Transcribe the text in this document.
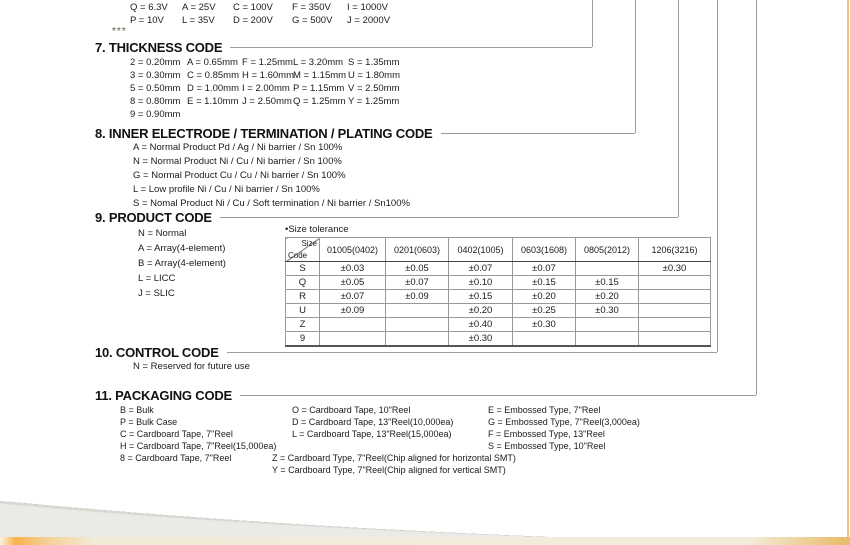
Q = 6.3V A = 25V C = 100V F = 350V I = 1000V
P = 10V L = 35V D = 200V G = 500V J = 2000V
***
7. THICKNESS CODE
2 = 0.20mm A = 0.65mm F = 1.25mmL = 3.20mm S = 1.35mm
3 = 0.30mm C = 0.85mm H = 1.60mmM = 1.15mm U = 1.80mm
5 = 0.50mm D = 1.00mm I = 2.00mm P = 1.15mm V = 2.50mm
8 = 0.80mm E = 1.10mm J = 2.50mmQ = 1.25mm Y = 1.25mm
9 = 0.90mm
8. INNER ELECTRODE / TERMINATION / PLATING CODE
A = Normal Product Pd / Ag / Ni barrier / Sn 100%
N = Normal Product Ni / Cu / Ni barrier / Sn 100%
G = Normal Product Cu / Cu / Ni barrier / Sn 100%
L = Low profile Ni / Cu / Ni barrier / Sn 100%
S = Nomal Product Ni / Cu / Soft termination / Ni barrier / Sn100%
9. PRODUCT CODE
N = Normal
A = Array(4-element)
B = Array(4-element)
L = LICC
J = SLIC
•Size tolerance
Size
Code	01005(0402)	0201(0603)	0402(1005)	0603(1608)	0805(2012)	1206(3216)
S	±0.03	±0.05	±0.07	±0.07		±0.30
Q	±0.05	±0.07	±0.10	±0.15	±0.15	
R	±0.07	±0.09	±0.15	±0.20	±0.20	
U	±0.09		±0.20	±0.25	±0.30	
Z			±0.40	±0.30		
9			±0.30			
10. CONTROL CODE
N = Reserved for future use
11. PACKAGING CODE
B = Bulk
P = Bulk Case
C = Cardboard Tape, 7"Reel
H = Cardboard Tape, 7"Reel(15,000ea)
8 = Cardboard Tape, 7"Reel
O = Cardboard Tape, 10"Reel
D = Cardboard Tape, 13"Reel(10,000ea)
L = Cardboard Tape, 13"Reel(15,000ea)
Z = Cardboard Type, 7"Reel(Chip aligned for horizontal SMT)
Y = Cardboard Type, 7"Reel(Chip aligned for vertical SMT)
E = Embossed Type, 7"Reel
G = Embossed Type, 7"Reel(3,000ea)
F = Embossed Type, 13"Reel
S = Embossed Type, 10"Reel
